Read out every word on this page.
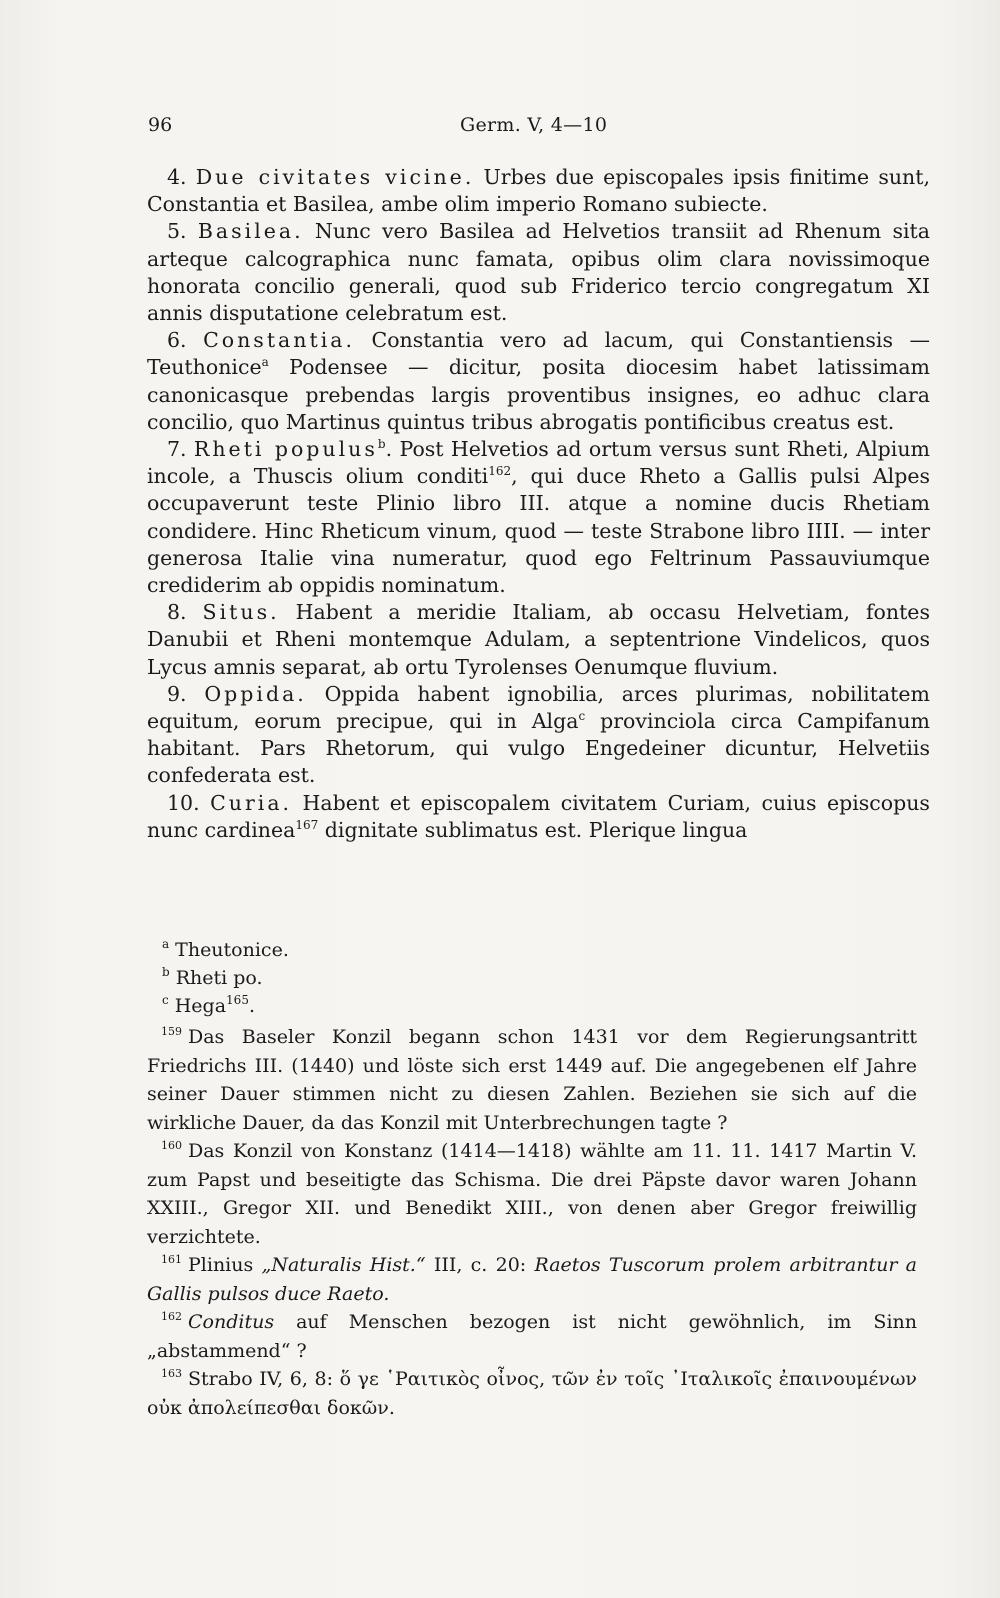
96	Germ. V, 4—10

4. Due civitates vicine. Urbes due episcopales ipsis finitime sunt, Constantia et Basilea, ambe olim imperio Romano subiecte.

5. Basilea. Nunc vero Basilea ad Helvetios transiit ad Rhenum sita arteque calcographica nunc famata, opibus olim clara novissimoque honorata concilio generali, quod sub Friderico tercio congregatum XI annis disputatione celebratum est.

6. Constantia. Constantia vero ad lacum, qui Constantiensis — Teuthonice$^a$ Podensee — dicitur, posita diocesim habet latissimam canonicasque prebendas largis proventibus insignes, eo adhuc clara concilio, quo Martinus quintus tribus abrogatis pontificibus creatus est.

7. Rheti populus$^b$. Post Helvetios ad ortum versus sunt Rheti, Alpium incole, a Thuscis olium conditi$^{162}$, qui duce Rheto a Gallis pulsi Alpes occupaverunt teste Plinio libro III. atque a nomine ducis Rhetiam condidere. Hinc Rheticum vinum, quod — teste Strabone libro IIII. — inter generosa Italie vina numeratur, quod ego Feltrinum Passauviumque crediderim ab oppidis nominatum.

8. Situs. Habent a meridie Italiam, ab occasu Helvetiam, fontes Danubii et Rheni montemque Adulam, a septentrione Vindelicos, quos Lycus amnis separat, ab ortu Tyrolenses Oenumque fluvium.

9. Oppida. Oppida habent ignobilia, arces plurimas, nobilitatem equitum, eorum precipue, qui in Alga$^c$ provinciola circa Campifanum habitant. Pars Rhetorum, qui vulgo Engedeiner dicuntur, Helvetiis confederata est.

10. Curia. Habent et episcopalem civitatem Curiam, cuius episcopus nunc cardinea$^{167}$ dignitate sublimatus est. Plerique lingua

$^a$ Theutonice.

$^b$ Rheti po.

$^c$ Hega$^{165}$.

$^{159}$ Das Baseler Konzil begann schon 1431 vor dem Regierungsantritt Friedrichs III. (1440) und löste sich erst 1449 auf. Die angegebenen elf Jahre seiner Dauer stimmen nicht zu diesen Zahlen. Beziehen sie sich auf die wirkliche Dauer, da das Konzil mit Unterbrechungen tagte ?

$^{160}$ Das Konzil von Konstanz (1414—1418) wählte am 11. 11. 1417 Martin V. zum Papst und beseitigte das Schisma. Die drei Päpste davor waren Johann XXIII., Gregor XII. und Benedikt XIII., von denen aber Gregor freiwillig verzichtete.

$^{161}$ Plinius „Naturalis Hist.“ III, c. 20: Raetos Tuscorum prolem arbitrantur a Gallis pulsos duce Raeto.

$^{162}$ Conditus auf Menschen bezogen ist nicht gewöhnlich, im Sinn „abstammend“ ?

$^{163}$ Strabo IV, 6, 8: ὅ γε ῾Ραιτικὸς οἶνος, τῶν ἐν τοῖς ᾿Ιταλικοῖς ἐπαινουμένων οὐκ ἀπολείπεσθαι δοκῶν.
